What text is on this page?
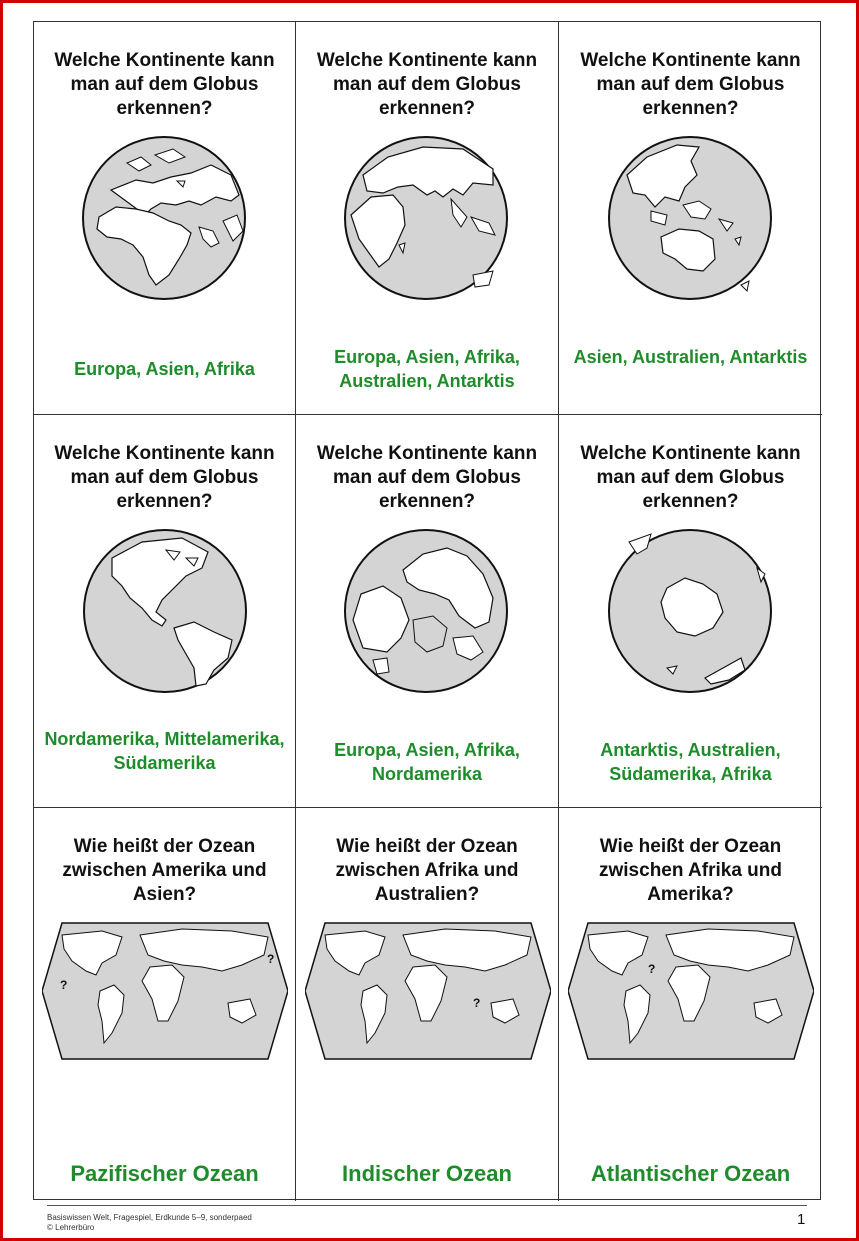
Welche Kontinente kann man auf dem Globus erkennen?
Europa, Asien, Afrika
Welche Kontinente kann man auf dem Globus erkennen?
Europa, Asien, Afrika, Australien, Antarktis
Welche Kontinente kann man auf dem Globus erkennen?
Asien, Australien, Antarktis
Welche Kontinente kann man auf dem Globus erkennen?
Nordamerika, Mittelamerika, Südamerika
Welche Kontinente kann man auf dem Globus erkennen?
Europa, Asien, Afrika, Nordamerika
Welche Kontinente kann man auf dem Globus erkennen?
Antarktis, Australien, Südamerika, Afrika
Wie heißt der Ozean zwischen Amerika und Asien?
?
?
Pazifischer Ozean
Wie heißt der Ozean zwischen Afrika und Australien?
?
Indischer Ozean
Wie heißt der Ozean zwischen Afrika und Amerika?
?
Atlantischer Ozean
Basiswissen Welt, Fragespiel, Erdkunde 5–9, sonderpaed
© Lehrerbüro	1
